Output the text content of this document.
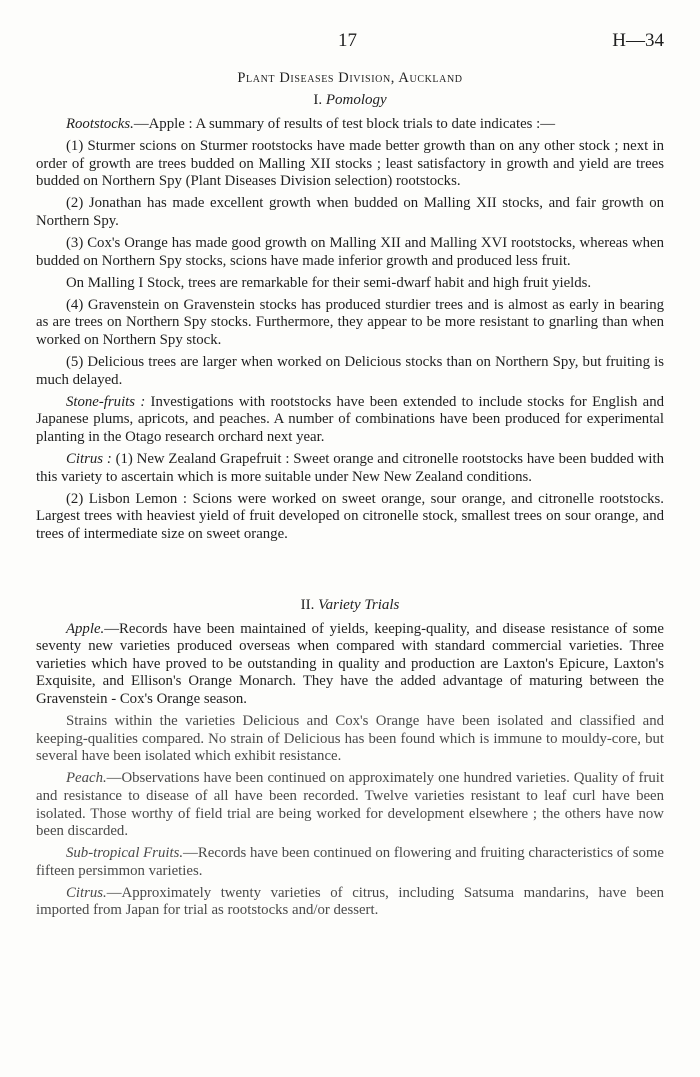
17	H—34
Plant Diseases Division, Auckland
I. Pomology

Rootstocks.—Apple : A summary of results of test block trials to date indicates :—

(1) Sturmer scions on Sturmer rootstocks have made better growth than on any other stock ; next in order of growth are trees budded on Malling XII stocks ; least satisfactory in growth and yield are trees budded on Northern Spy (Plant Diseases Division selection) rootstocks.

(2) Jonathan has made excellent growth when budded on Malling XII stocks, and fair growth on Northern Spy.

(3) Cox's Orange has made good growth on Malling XII and Malling XVI rootstocks, whereas when budded on Northern Spy stocks, scions have made inferior growth and produced less fruit.

On Malling I Stock, trees are remarkable for their semi-dwarf habit and high fruit yields.

(4) Gravenstein on Gravenstein stocks has produced sturdier trees and is almost as early in bearing as are trees on Northern Spy stocks. Furthermore, they appear to be more resistant to gnarling than when worked on Northern Spy stock.

(5) Delicious trees are larger when worked on Delicious stocks than on Northern Spy, but fruiting is much delayed.

Stone-fruits : Investigations with rootstocks have been extended to include stocks for English and Japanese plums, apricots, and peaches. A number of combinations have been produced for experimental planting in the Otago research orchard next year.

Citrus : (1) New Zealand Grapefruit : Sweet orange and citronelle rootstocks have been budded with this variety to ascertain which is more suitable under New New Zealand conditions.

(2) Lisbon Lemon : Scions were worked on sweet orange, sour orange, and citronelle rootstocks. Largest trees with heaviest yield of fruit developed on citronelle stock, smallest trees on sour orange, and trees of intermediate size on sweet orange.

II. Variety Trials

Apple.—Records have been maintained of yields, keeping-quality, and disease resistance of some seventy new varieties produced overseas when compared with standard commercial varieties. Three varieties which have proved to be outstanding in quality and production are Laxton's Epicure, Laxton's Exquisite, and Ellison's Orange Monarch. They have the added advantage of maturing between the Gravenstein - Cox's Orange season.

Strains within the varieties Delicious and Cox's Orange have been isolated and classified and keeping-qualities compared. No strain of Delicious has been found which is immune to mouldy-core, but several have been isolated which exhibit resistance.

Peach.—Observations have been continued on approximately one hundred varieties. Quality of fruit and resistance to disease of all have been recorded. Twelve varieties resistant to leaf curl have been isolated. Those worthy of field trial are being worked for development elsewhere ; the others have now been discarded.

Sub-tropical Fruits.—Records have been continued on flowering and fruiting characteristics of some fifteen persimmon varieties.

Citrus.—Approximately twenty varieties of citrus, including Satsuma mandarins, have been imported from Japan for trial as rootstocks and/or dessert.
